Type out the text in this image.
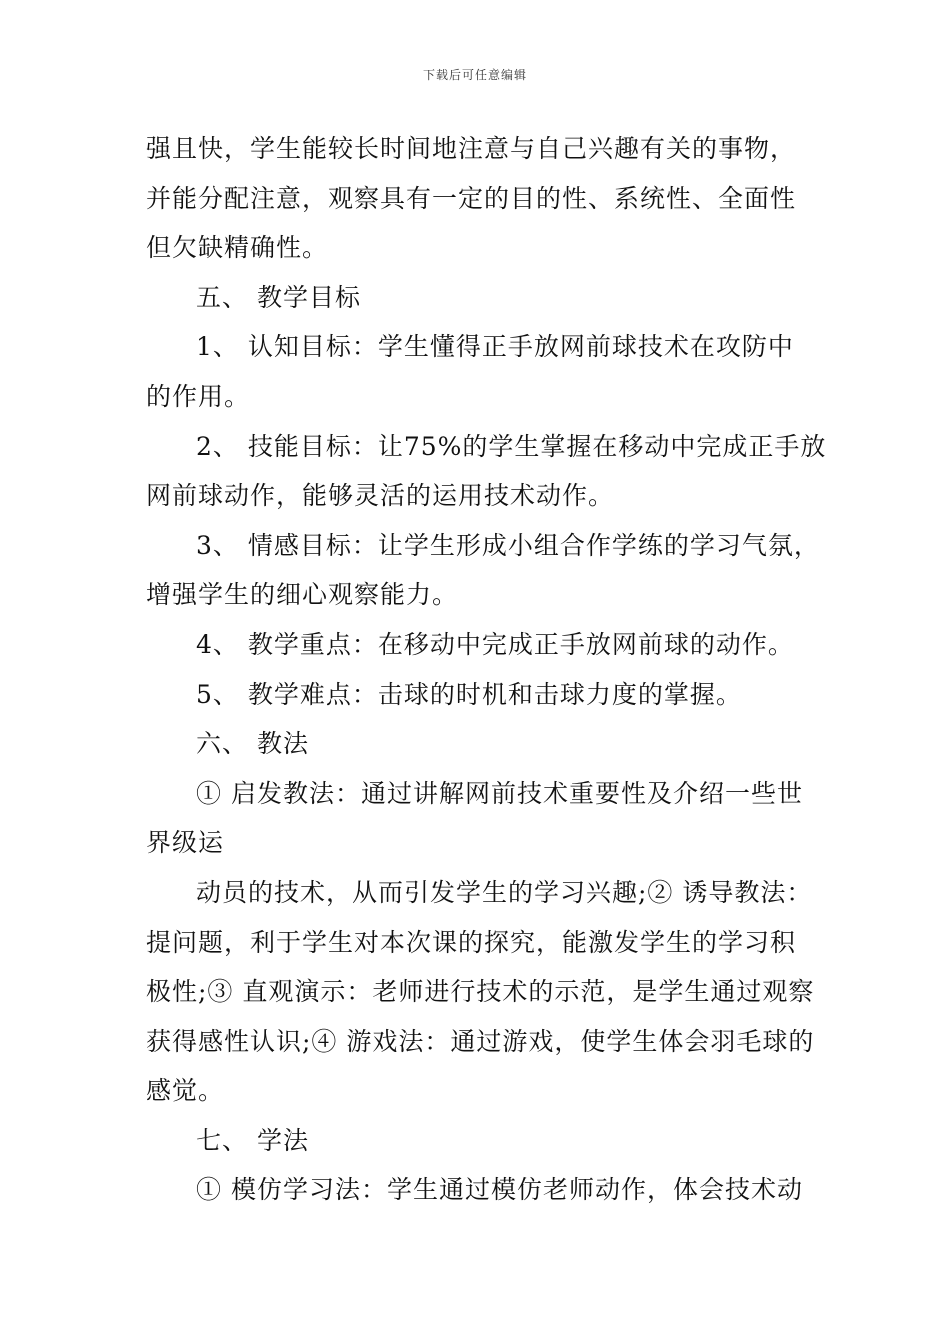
下载后可任意编辑
强且快，学生能较长时间地注意与自己兴趣有关的事物，
并能分配注意，观察具有一定的目的性、系统性、全面性
但欠缺精确性。
五、 教学目标
1、 认知目标：学生懂得正手放网前球技术在攻防中
的作用。
2、 技能目标：让75%的学生掌握在移动中完成正手放
网前球动作，能够灵活的运用技术动作。
3、 情感目标：让学生形成小组合作学练的学习气氛，
增强学生的细心观察能力。
4、 教学重点：在移动中完成正手放网前球的动作。
5、 教学难点：击球的时机和击球力度的掌握。
六、 教法
① 启发教法：通过讲解网前技术重要性及介绍一些世
界级运
动员的技术，从而引发学生的学习兴趣;② 诱导教法：
提问题，利于学生对本次课的探究，能激发学生的学习积
极性;③ 直观演示：老师进行技术的示范，是学生通过观察
获得感性认识;④ 游戏法：通过游戏，使学生体会羽毛球的
感觉。
七、 学法
① 模仿学习法：学生通过模仿老师动作，体会技术动
